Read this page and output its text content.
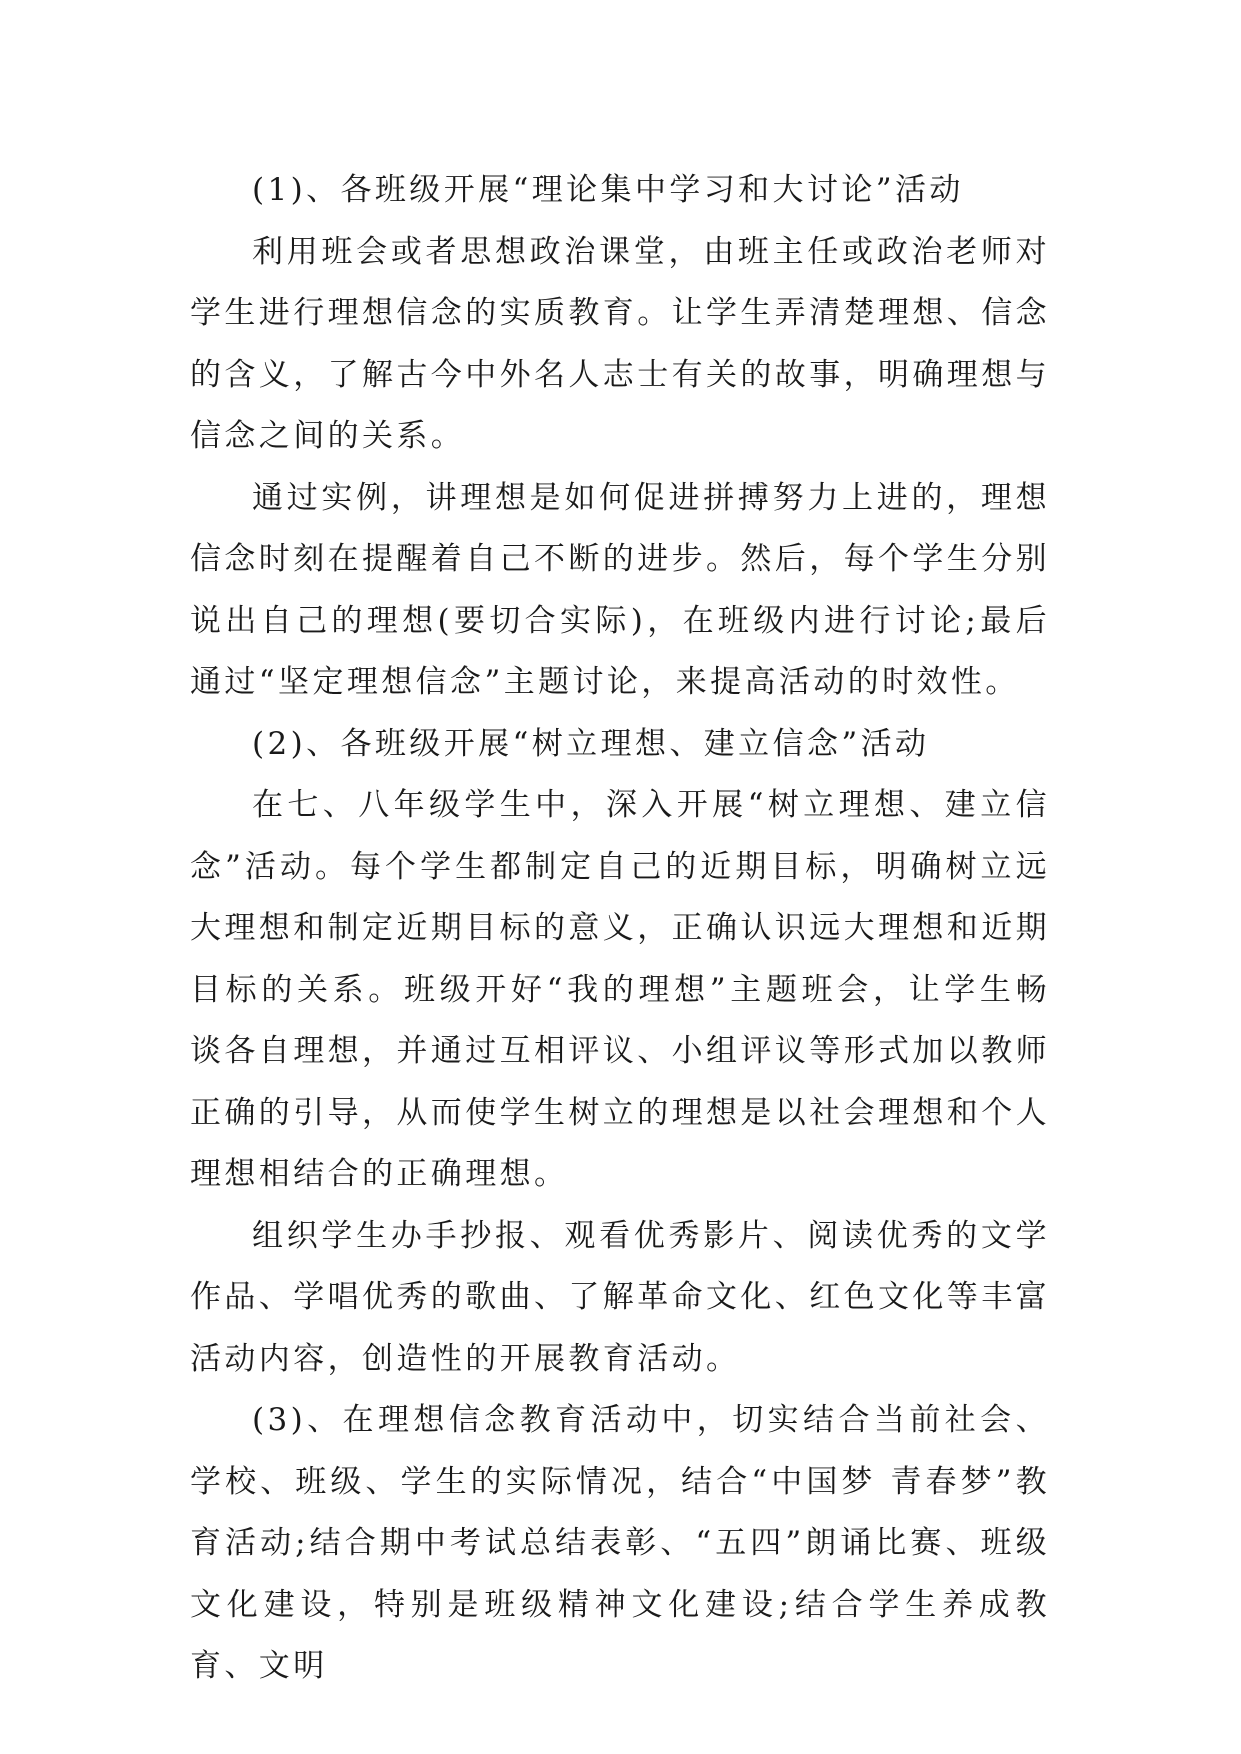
(1)、各班级开展“理论集中学习和大讨论”活动

利用班会或者思想政治课堂，由班主任或政治老师对学生进行理想信念的实质教育。让学生弄清楚理想、信念的含义，了解古今中外名人志士有关的故事，明确理想与信念之间的关系。

通过实例，讲理想是如何促进拼搏努力上进的，理想信念时刻在提醒着自己不断的进步。然后，每个学生分别说出自己的理想(要切合实际)，在班级内进行讨论;最后通过“坚定理想信念”主题讨论，来提高活动的时效性。

(2)、各班级开展“树立理想、建立信念”活动

在七、八年级学生中，深入开展“树立理想、建立信念”活动。每个学生都制定自己的近期目标，明确树立远大理想和制定近期目标的意义，正确认识远大理想和近期目标的关系。班级开好“我的理想”主题班会，让学生畅谈各自理想，并通过互相评议、小组评议等形式加以教师正确的引导，从而使学生树立的理想是以社会理想和个人理想相结合的正确理想。

组织学生办手抄报、观看优秀影片、阅读优秀的文学作品、学唱优秀的歌曲、了解革命文化、红色文化等丰富活动内容，创造性的开展教育活动。

(3)、在理想信念教育活动中，切实结合当前社会、学校、班级、学生的实际情况，结合“中国梦 青春梦”教育活动;结合期中考试总结表彰、“五四”朗诵比赛、班级文化建设，特别是班级精神文化建设;结合学生养成教育、文明
